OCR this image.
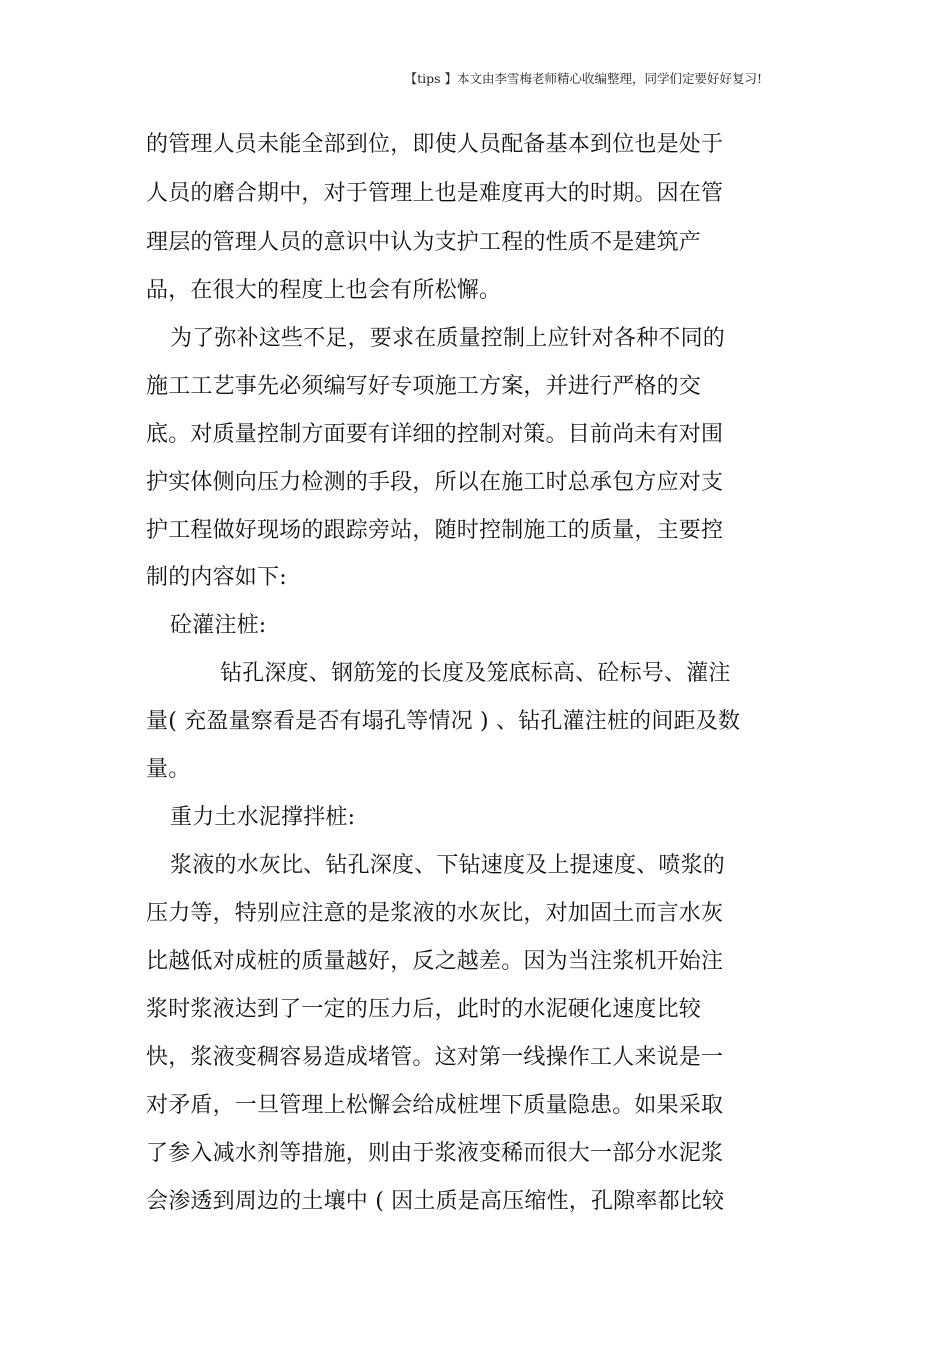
【tips 】本文由李雪梅老师精心收编整理，同学们定要好好复习!
的管理人员未能全部到位，即使人员配备基本到位也是处于
人员的磨合期中，对于管理上也是难度再大的时期。因在管
理层的管理人员的意识中认为支护工程的性质不是建筑产
品，在很大的程度上也会有所松懈。
为了弥补这些不足，要求在质量控制上应针对各种不同的
施工工艺事先必须编写好专项施工方案，并进行严格的交
底。对质量控制方面要有详细的控制对策。目前尚未有对围
护实体侧向压力检测的手段，所以在施工时总承包方应对支
护工程做好现场的跟踪旁站，随时控制施工的质量，主要控
制的内容如下:
砼灌注桩:
钻孔深度、钢筋笼的长度及笼底标高、砼标号、灌注
量( 充盈量察看是否有塌孔等情况 ) 、钻孔灌注桩的间距及数
量。
重力土水泥撑拌桩:
浆液的水灰比、钻孔深度、下钻速度及上提速度、喷浆的
压力等，特别应注意的是浆液的水灰比，对加固土而言水灰
比越低对成桩的质量越好，反之越差。因为当注浆机开始注
浆时浆液达到了一定的压力后，此时的水泥硬化速度比较
快，浆液变稠容易造成堵管。这对第一线操作工人来说是一
对矛盾，一旦管理上松懈会给成桩埋下质量隐患。如果采取
了参入减水剂等措施，则由于浆液变稀而很大一部分水泥浆
会渗透到周边的土壤中 ( 因土质是高压缩性，孔隙率都比较
